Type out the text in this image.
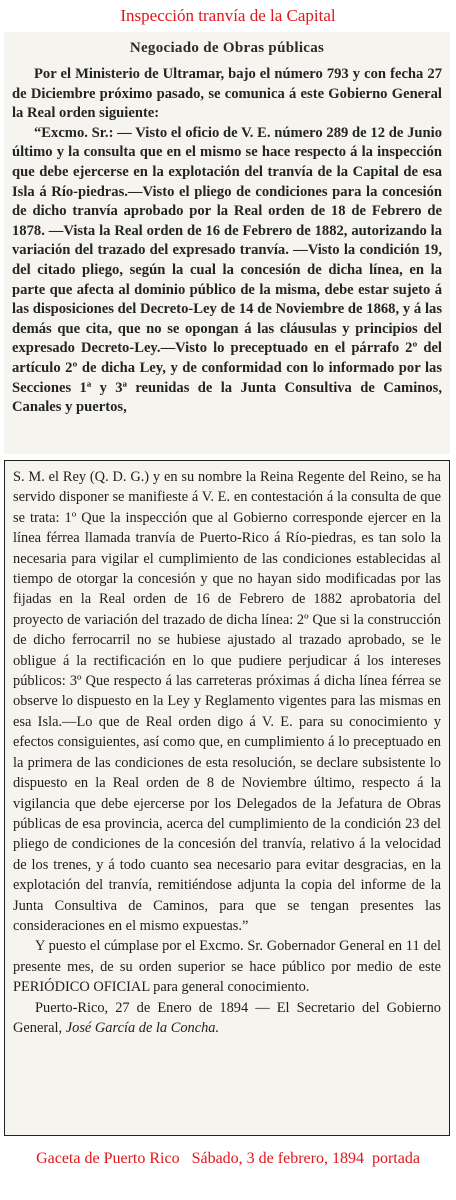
Inspección tranvía de la Capital
Negociado de Obras públicas

Por el Ministerio de Ultramar, bajo el número 793 y con fecha 27 de Diciembre próximo pasado, se comunica á este Gobierno General la Real orden siguiente:

“Excmo. Sr.: — Visto el oficio de V. E. número 289 de 12 de Junio último y la consulta que en el mismo se hace respecto á la inspección que debe ejercerse en la explotación del tranvía de la Capital de esa Isla á Río-piedras.—Visto el pliego de condiciones para la concesión de dicho tranvía aprobado por la Real orden de 18 de Febrero de 1878. —Vista la Real orden de 16 de Febrero de 1882, autorizando la variación del trazado del expresado tranvía. —Visto la condición 19, del citado pliego, según la cual la concesión de dicha línea, en la parte que afecta al dominio público de la misma, debe estar sujeto á las disposiciones del Decreto-Ley de 14 de Noviembre de 1868, y á las demás que cita, que no se opongan á las cláusulas y principios del expresado Decreto-Ley.—Visto lo preceptuado en el párrafo 2º del artículo 2º de dicha Ley, y de conformidad con lo informado por las Secciones 1ª y 3ª reunidas de la Junta Consultiva de Caminos, Canales y puertos,

S. M. el Rey (Q. D. G.) y en su nombre la Reina Regente del Reino, se ha servido disponer se manifieste á V. E. en contestación á la consulta de que se trata: 1º Que la inspección que al Gobierno corresponde ejercer en la línea férrea llamada tranvía de Puerto-Rico á Río-piedras, es tan solo la necesaria para vigilar el cumplimiento de las condiciones establecidas al tiempo de otorgar la concesión y que no hayan sido modificadas por las fijadas en la Real orden de 16 de Febrero de 1882 aprobatoria del proyecto de variación del trazado de dicha línea: 2º Que si la construcción de dicho ferrocarril no se hubiese ajustado al trazado aprobado, se le obligue á la rectificación en lo que pudiere perjudicar á los intereses públicos: 3º Que respecto á las carreteras próximas á dicha línea férrea se observe lo dispuesto en la Ley y Reglamento vigentes para las mismas en esa Isla.—Lo que de Real orden digo á V. E. para su conocimiento y efectos consiguientes, así como que, en cumplimiento á lo preceptuado en la primera de las condiciones de esta resolución, se declare subsistente lo dispuesto en la Real orden de 8 de Noviembre último, respecto á la vigilancia que debe ejercerse por los Delegados de la Jefatura de Obras públicas de esa provincia, acerca del cumplimiento de la condición 23 del pliego de condiciones de la concesión del tranvía, relativo á la velocidad de los trenes, y á todo cuanto sea necesario para evitar desgracias, en la explotación del tranvía, remitiéndose adjunta la copia del informe de la Junta Consultiva de Caminos, para que se tengan presentes las consideraciones en el mismo expuestas.”

Y puesto el cúmplase por el Excmo. Sr. Gobernador General en 11 del presente mes, de su orden superior se hace público por medio de este PERIÓDICO OFICIAL para general conocimiento.

Puerto-Rico, 27 de Enero de 1894 — El Secretario del Gobierno General, José García de la Concha.

Gaceta de Puerto Rico   Sábado, 3 de febrero, 1894  portada
